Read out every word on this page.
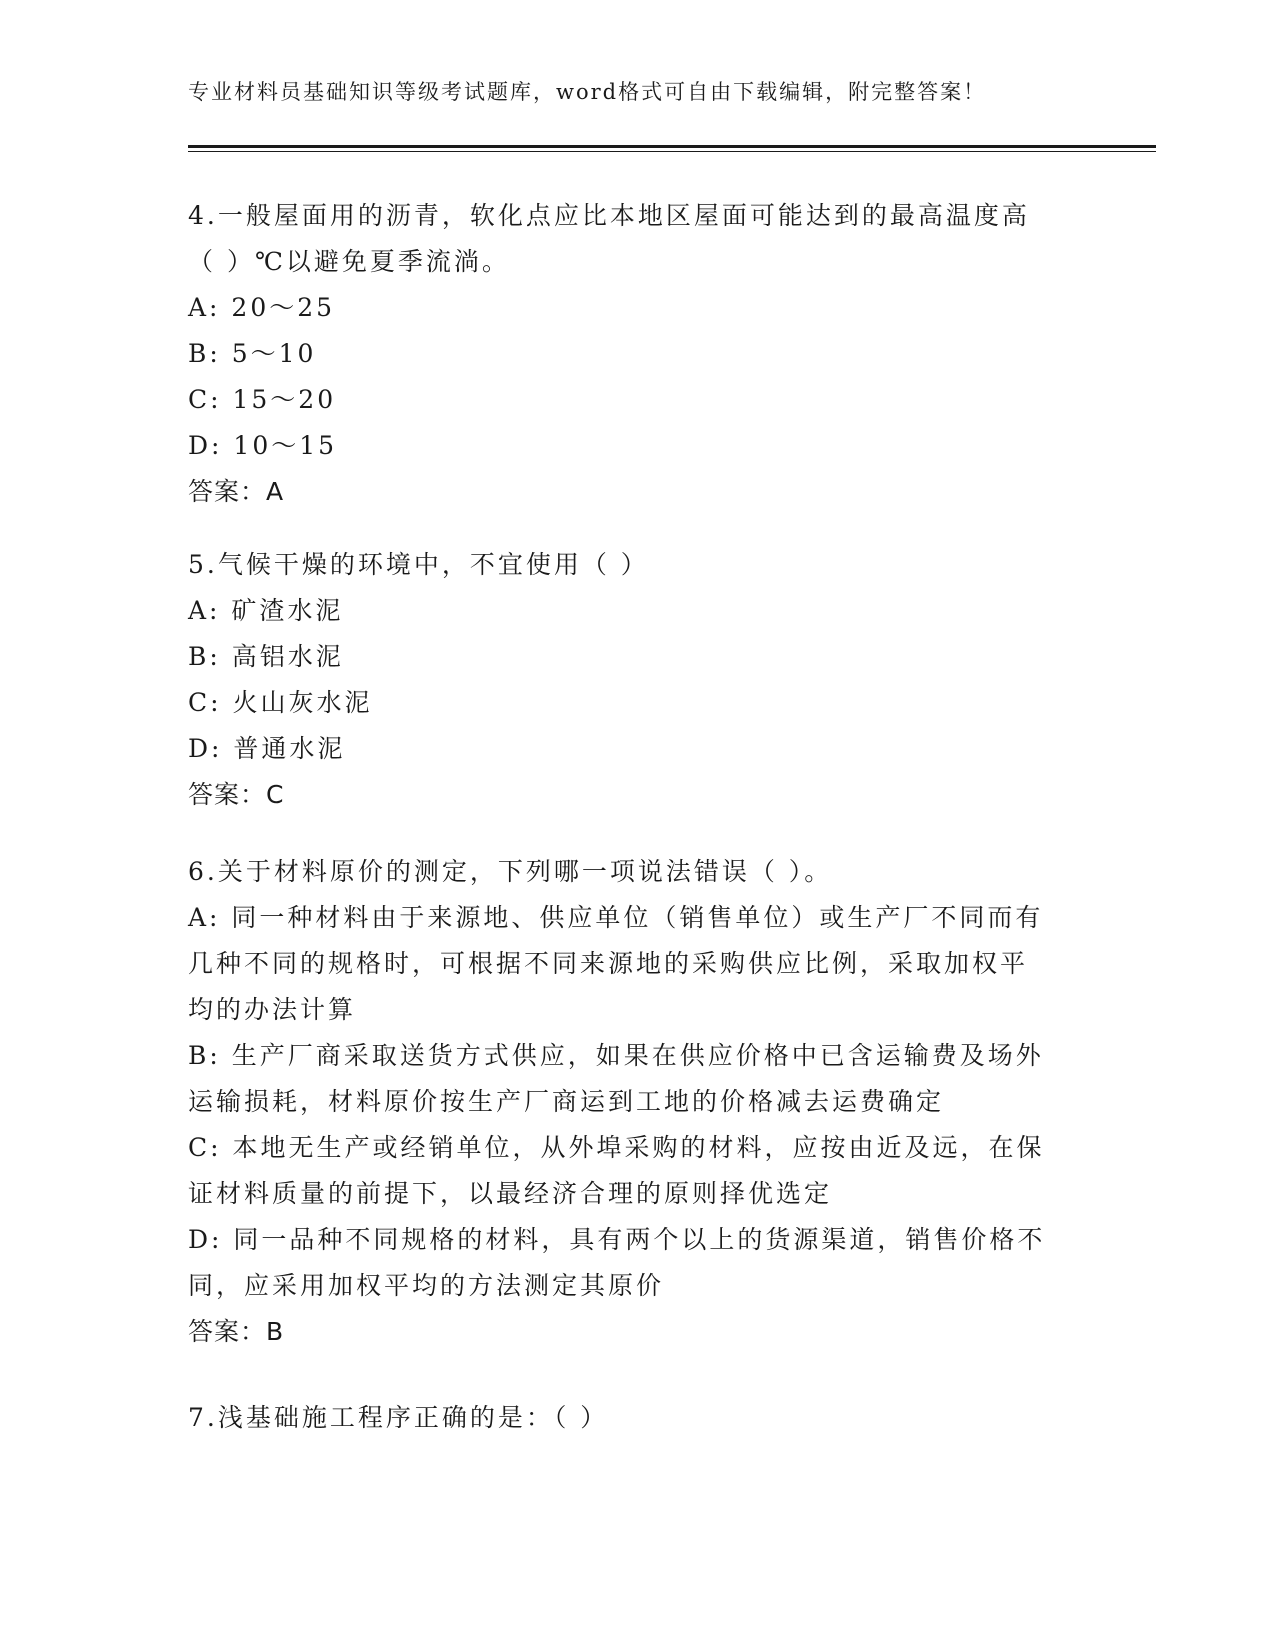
专业材料员基础知识等级考试题库，word格式可自由下载编辑，附完整答案！
4.一般屋面用的沥青，软化点应比本地区屋面可能达到的最高温度高
（ ）℃以避免夏季流淌。
A: 20～25
B: 5～10
C: 15～20
D: 10～15
答案：A
5.气候干燥的环境中，不宜使用（ ）
A: 矿渣水泥
B: 高铝水泥
C: 火山灰水泥
D: 普通水泥
答案：C
6.关于材料原价的测定，下列哪一项说法错误（ ）。
A: 同一种材料由于来源地、供应单位（销售单位）或生产厂不同而有
几种不同的规格时，可根据不同来源地的采购供应比例，采取加权平
均的办法计算
B: 生产厂商采取送货方式供应，如果在供应价格中已含运输费及场外
运输损耗，材料原价按生产厂商运到工地的价格减去运费确定
C: 本地无生产或经销单位，从外埠采购的材料，应按由近及远，在保
证材料质量的前提下，以最经济合理的原则择优选定
D: 同一品种不同规格的材料，具有两个以上的货源渠道，销售价格不
同，应采用加权平均的方法测定其原价
答案：B
7.浅基础施工程序正确的是：（ ）
